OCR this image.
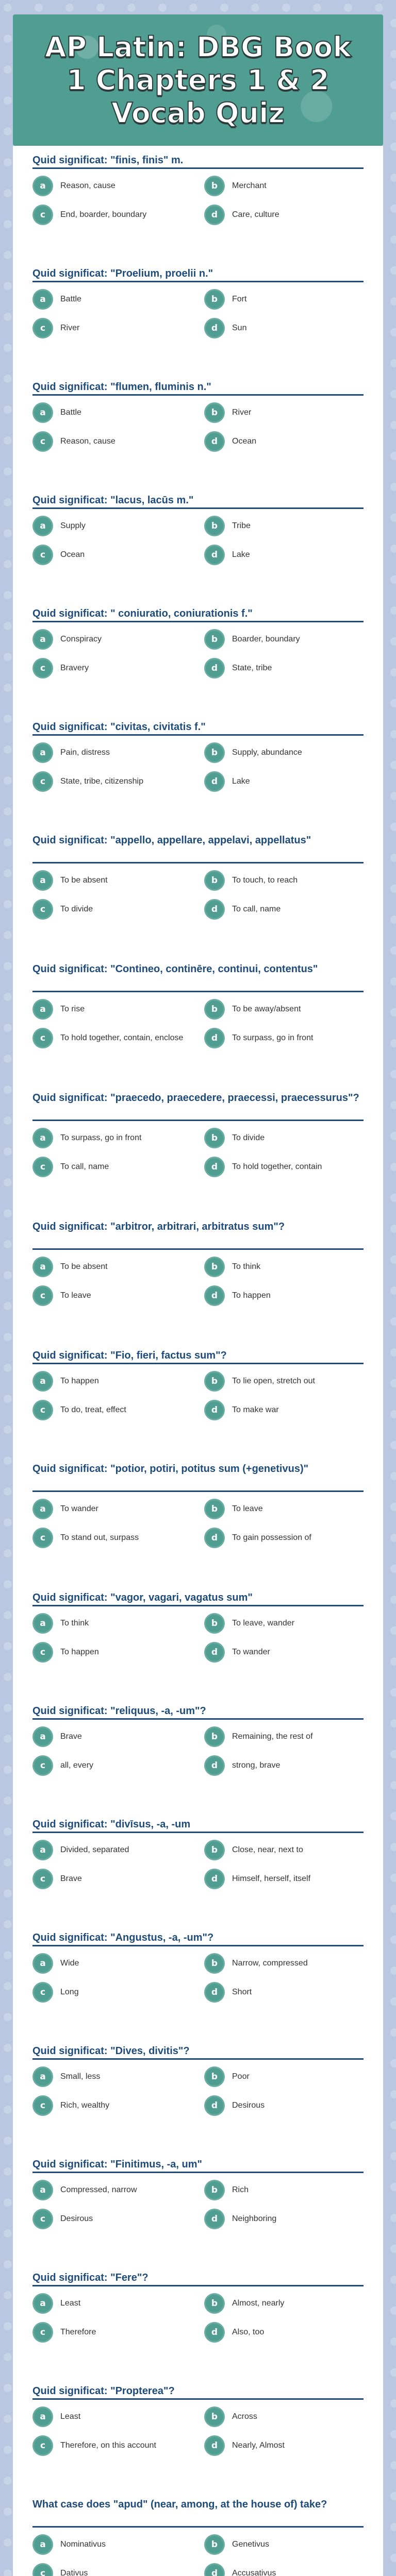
AP Latin: DBG Book 1 Chapters 1 & 2 Vocab Quiz
Quid significat: "finis, finis" m.
a	Reason, cause	b	Merchant
c	End, boarder, boundary	d	Care, culture
Quid significat: "Proelium, proelii n."
a	Battle	b	Fort
c	River	d	Sun
Quid significat: "flumen, fluminis n."
a	Battle	b	River
c	Reason, cause	d	Ocean
Quid significat: "lacus, lacūs m."
a	Supply	b	Tribe
c	Ocean	d	Lake
Quid significat: " coniuratio, coniurationis f."
a	Conspiracy	b	Boarder, boundary
c	Bravery	d	State, tribe
Quid significat: "civitas, civitatis f."
a	Pain, distress	b	Supply, abundance
c	State, tribe, citizenship	d	Lake
Quid significat: "appello, appellare, appelavi, appellatus"
a	To be absent	b	To touch, to reach
c	To divide	d	To call, name
Quid significat: "Contineo, continēre, continui, contentus"
a	To rise	b	To be away/absent
c	To hold together, contain, enclose	d	To surpass, go in front
Quid significat: "praecedo, praecedere, praecessi, praecessurus"?
a	To surpass, go in front	b	To divide
c	To call, name	d	To hold together, contain
Quid significat: "arbitror, arbitrari, arbitratus sum"?
a	To be absent	b	To think
c	To leave	d	To happen
Quid significat: "Fio, fieri, factus sum"?
a	To happen	b	To lie open, stretch out
c	To do, treat, effect	d	To make war
Quid significat: "potior, potiri, potitus sum (+genetivus)"
a	To wander	b	To leave
c	To stand out, surpass	d	To gain possession of
Quid significat: "vagor, vagari, vagatus sum"
a	To think	b	To leave, wander
c	To happen	d	To wander
Quid significat: "reliquus, -a, -um"?
a	Brave	b	Remaining, the rest of
c	all, every	d	strong, brave
Quid significat: "divīsus, -a, -um
a	Divided, separated	b	Close, near, next to
c	Brave	d	Himself, herself, itself
Quid significat: "Angustus, -a, -um"?
a	Wide	b	Narrow, compressed
c	Long	d	Short
Quid significat: "Dives, divitis"?
a	Small, less	b	Poor
c	Rich, wealthy	d	Desirous
Quid significat: "Finitimus, -a, um"
a	Compressed, narrow	b	Rich
c	Desirous	d	Neighboring
Quid significat: "Fere"?
a	Least	b	Almost, nearly
c	Therefore	d	Also, too
Quid significat: "Propterea"?
a	Least	b	Across
c	Therefore, on this account	d	Nearly, Almost
What case does "apud" (near, among, at the house of) take?
a	Nominativus	b	Genetivus
c	Dativus	d	Accusativus
